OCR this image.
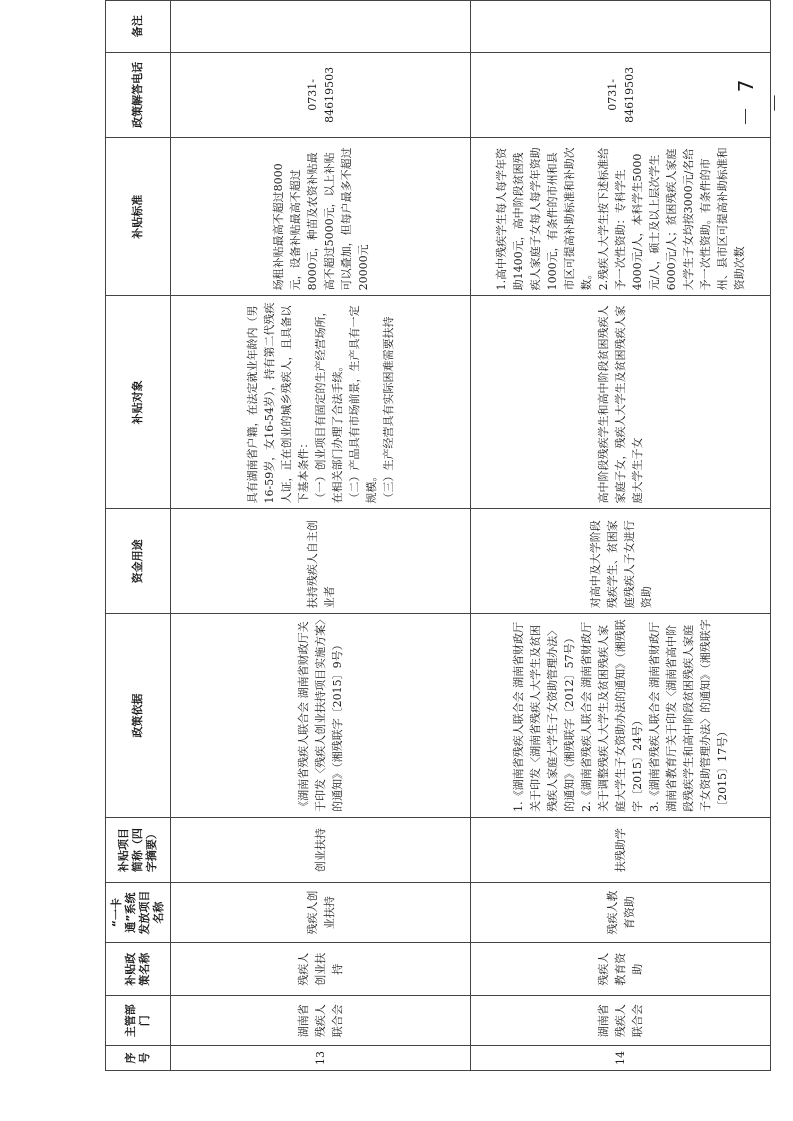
序号	主管部门	补贴政策名称	“一卡通”系统发放项目名称	补贴项目简称（四字摘要）	政策依据	资金用途	补贴对象	补贴标准	政策解答电话	备注
13	湖南省残疾人联合会	残疾人创业扶持	残疾人创业扶持	创业扶持	《湖南省残疾人联合会 湖南省财政厅关于印发〈残疾人创业扶持项目实施方案〉的通知》（湘残联字〔2015〕9号）	扶持残疾人自主创业者	具有湖南省户籍，在法定就业年龄内（男16-59岁，女16-54岁），持有第二代残疾人证，正在创业的城乡残疾人，且具备以下基本条件： （一）创业项目有固定的生产经营场所，在相关部门办理了合法手续。 （二）产品具有市场前景，生产具有一定规模。 （三）生产经营具有实际困难需要扶持	场租补贴最高不超过8000元，设备补贴最高不超过8000元，种苗及农资补贴最高不超过5000元，以上补贴可以叠加，但每户最多不超过20000元	0731-84619503	
14	湖南省残疾人联合会	残疾人教育资助	残疾人教育资助	扶残助学	1.《湖南省残疾人联合会 湖南省财政厅关于印发〈湖南省残疾人大学生及贫困残疾人家庭大学生子女资助管理办法〉的通知》（湘残联字〔2012〕57号） 2.《湖南省残疾人联合会 湖南省财政厅关于调整残疾人大学生及贫困残疾人家庭大学生子女资助办法的通知》（湘残联字〔2015〕24号） 3.《湖南省残疾人联合会 湖南省财政厅 湖南省教育厅关于印发〈湖南省高中阶段残疾学生和高中阶段贫困残疾人家庭子女资助管理办法〉的通知》（湘残联字〔2015〕17号）	对高中及大学阶段残疾学生、贫困家庭残疾人子女进行资助	高中阶段残疾学生和高中阶段贫困残疾人家庭子女，残疾人大学生及贫困残疾人家庭大学生子女	1.高中残疾学生每人每学年资助1400元，高中阶段贫困残疾人家庭子女每人每学年资助1000元，有条件的市州和县市区可提高补助标准和补助次数。 2.残疾人大学生按下述标准给予一次性资助：专科学生4000元/人，本科学生5000元/人，硕士及以上层次学生6000元/人；贫困残疾人家庭大学生子女均按3000元/名给予一次性资助。有条件的市州、县市区可提高补助标准和资助次数	0731-84619503		－ 7 －
